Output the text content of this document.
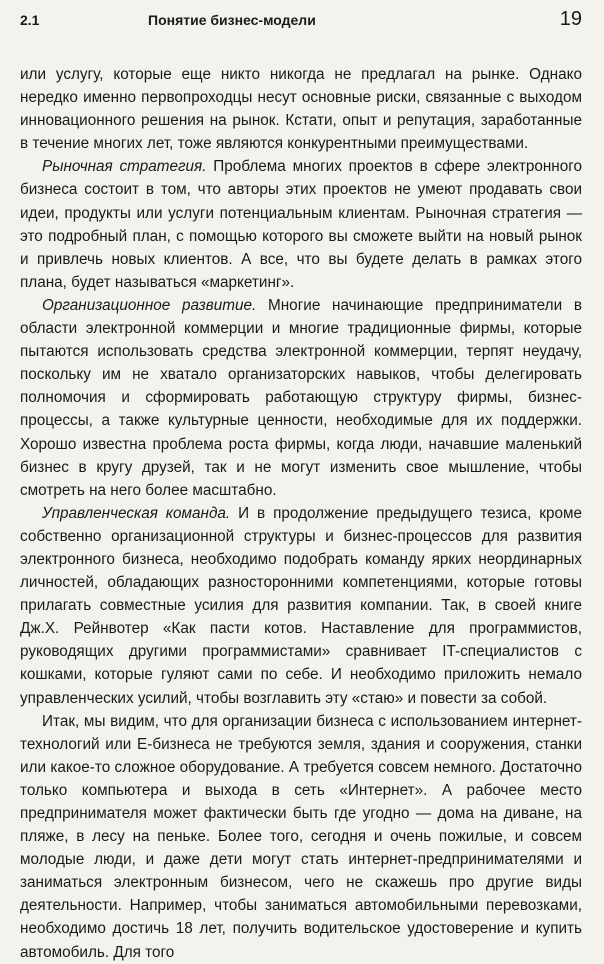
2.1	Понятие бизнес-модели	19

или услугу, которые еще никто никогда не предлагал на рынке. Однако нередко именно первопроходцы несут основные риски, связанные с выходом инновационного решения на рынок. Кстати, опыт и репутация, заработанные в течение многих лет, тоже являются конкурентными преимуществами.

Рыночная стратегия. Проблема многих проектов в сфере электронного бизнеса состоит в том, что авторы этих проектов не умеют продавать свои идеи, продукты или услуги потенциальным клиентам. Рыночная стратегия — это подробный план, с помощью которого вы сможете выйти на новый рынок и привлечь новых клиентов. А все, что вы будете делать в рамках этого плана, будет называться «маркетинг».

Организационное развитие. Многие начинающие предприниматели в области электронной коммерции и многие традиционные фирмы, которые пытаются использовать средства электронной коммерции, терпят неудачу, поскольку им не хватало организаторских навыков, чтобы делегировать полномочия и сформировать работающую структуру фирмы, бизнес-процессы, а также культурные ценности, необходимые для их поддержки. Хорошо известна проблема роста фирмы, когда люди, начавшие маленький бизнес в кругу друзей, так и не могут изменить свое мышление, чтобы смотреть на него более масштабно.

Управленческая команда. И в продолжение предыдущего тезиса, кроме собственно организационной структуры и бизнес-процессов для развития электронного бизнеса, необходимо подобрать команду ярких неординарных личностей, обладающих разносторонними компетенциями, которые готовы прилагать совместные усилия для развития компании. Так, в своей книге Дж.Х. Рейнвотер «Как пасти котов. Наставление для программистов, руководящих другими программистами» сравнивает IT-специалистов с кошками, которые гуляют сами по себе. И необходимо приложить немало управленческих усилий, чтобы возглавить эту «стаю» и повести за собой.

Итак, мы видим, что для организации бизнеса с использованием интернет-технологий или Е-бизнеса не требуются земля, здания и сооружения, станки или какое-то сложное оборудование. А требуется совсем немного. Достаточно только компьютера и выхода в сеть «Интернет». А рабочее место предпринимателя может фактически быть где угодно — дома на диване, на пляже, в лесу на пеньке. Более того, сегодня и очень пожилые, и совсем молодые люди, и даже дети могут стать интернет-предпринимателями и заниматься электронным бизнесом, чего не скажешь про другие виды деятельности. Например, чтобы заниматься автомобильными перевозками, необходимо достичь 18 лет, получить водительское удостоверение и купить автомобиль. Для того
